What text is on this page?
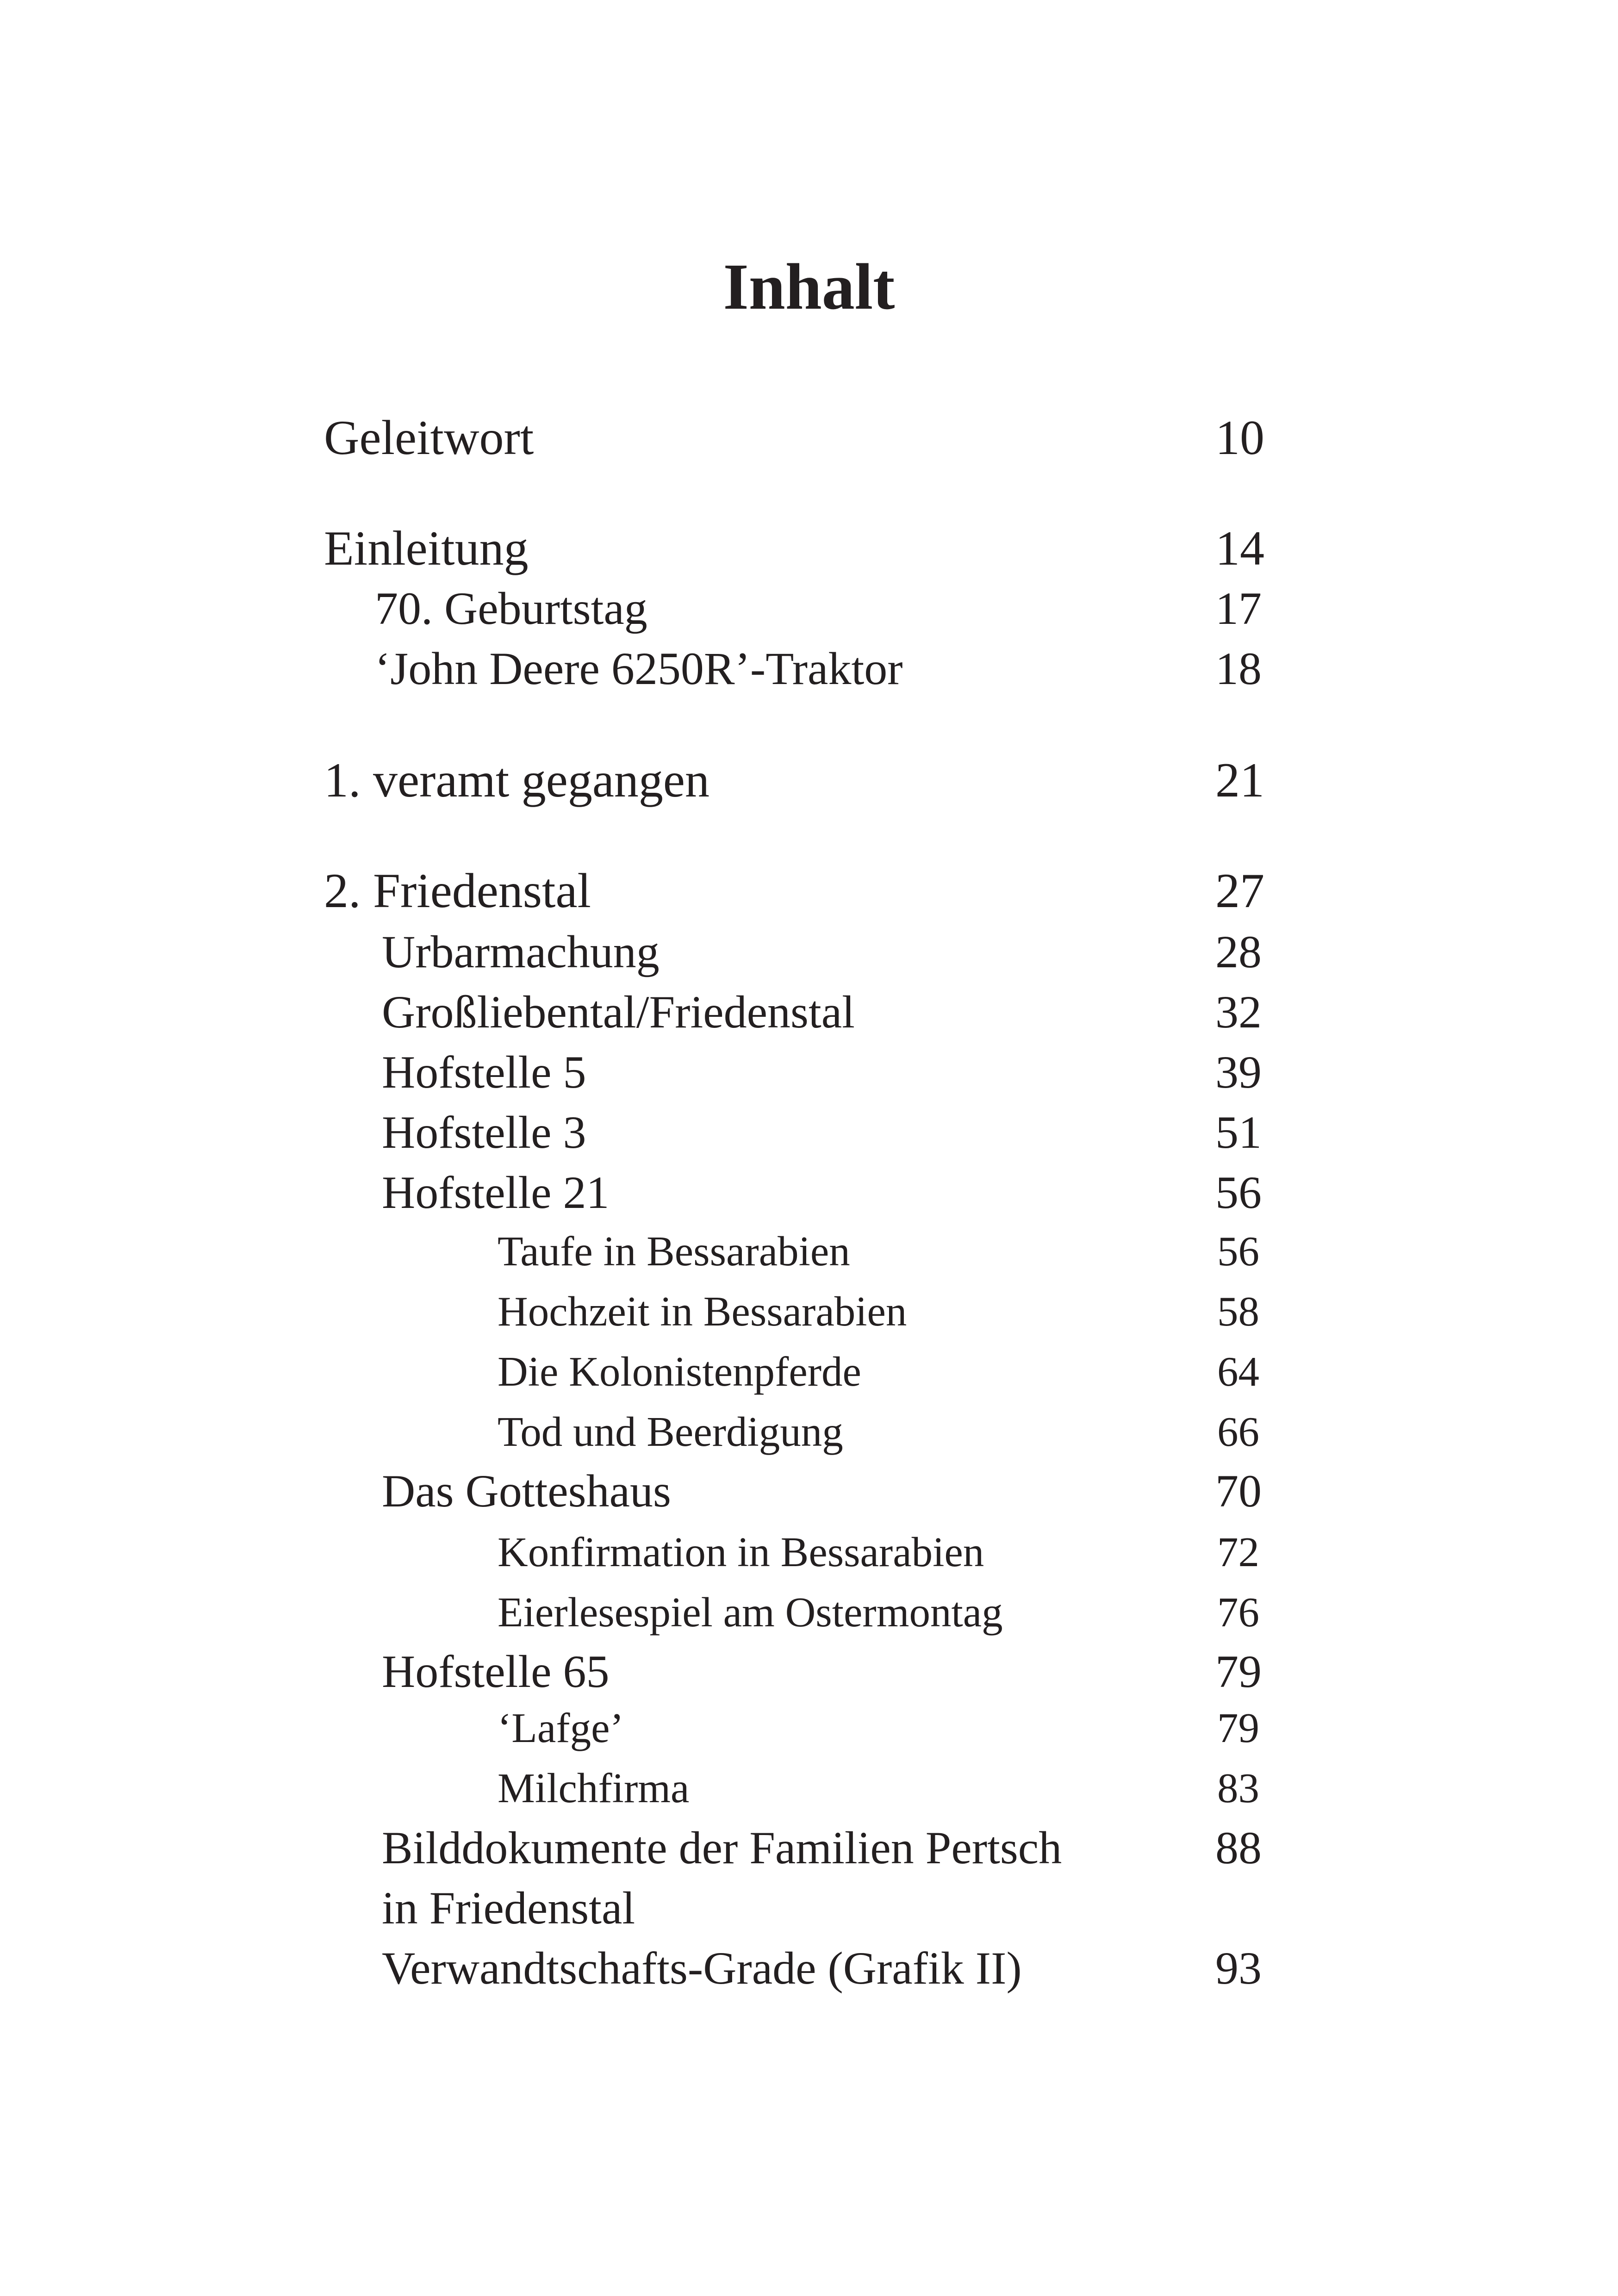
Inhalt
Geleitwort	10
Einleitung	14
70. Geburtstag	17
‘John Deere 6250R’-Traktor	18
1. veramt gegangen	21
2. Friedenstal	27
Urbarmachung	28
Großliebental/Friedenstal	32
Hofstelle 5	39
Hofstelle 3	51
Hofstelle 21	56
Taufe in Bessarabien	56
Hochzeit in Bessarabien	58
Die Kolonistenpferde	64
Tod und Beerdigung	66
Das Gotteshaus	70
Konfirmation in Bessarabien	72
Eierlesespiel am Ostermontag	76
Hofstelle 65	79
‘Lafge’	79
Milchfirma	83
Bilddokumente der Familien Pertsch	88
in Friedenstal
Verwandtschafts-Grade (Grafik II)	93
